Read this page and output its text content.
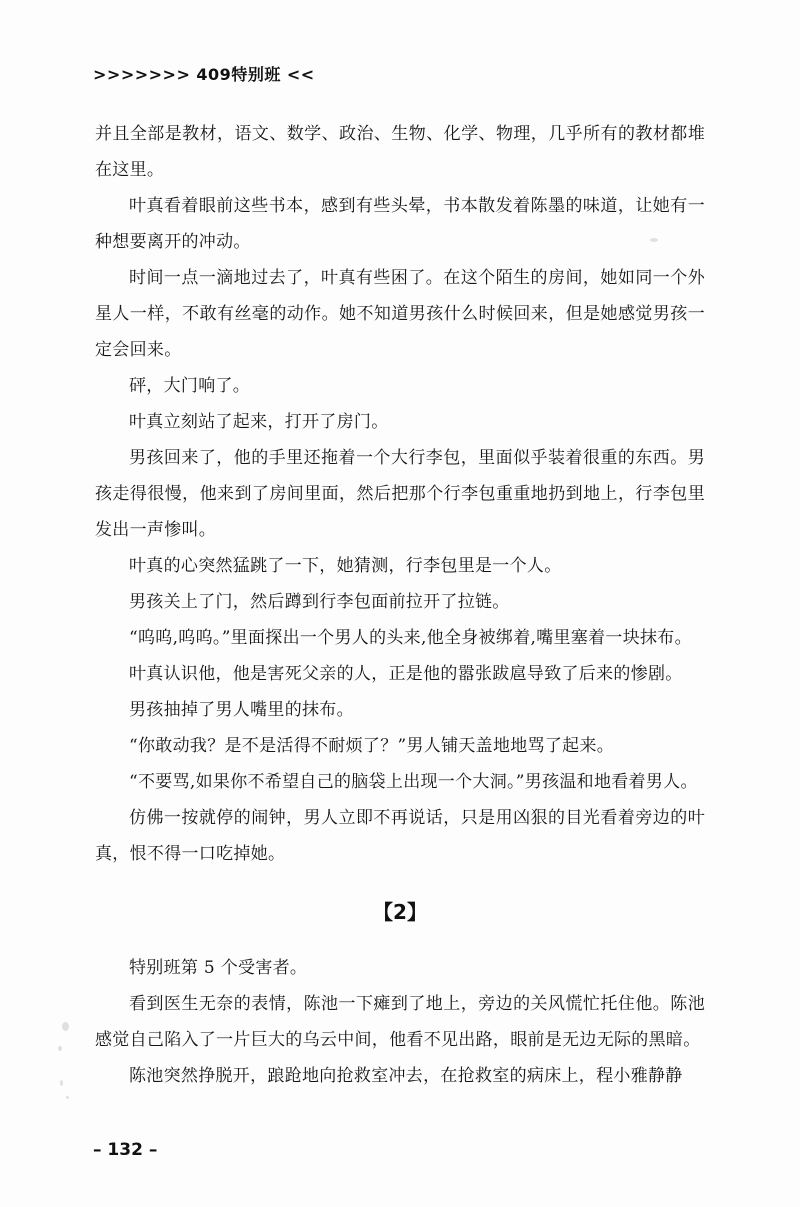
>>>>>>> 409特别班 <<

并且全部是教材，语文、数学、政治、生物、化学、物理，几乎所有的教材都堆在这里。

叶真看着眼前这些书本，感到有些头晕，书本散发着陈墨的味道，让她有一种想要离开的冲动。

时间一点一滴地过去了，叶真有些困了。在这个陌生的房间，她如同一个外星人一样，不敢有丝毫的动作。她不知道男孩什么时候回来，但是她感觉男孩一定会回来。

砰，大门响了。

叶真立刻站了起来，打开了房门。

男孩回来了，他的手里还拖着一个大行李包，里面似乎装着很重的东西。男孩走得很慢，他来到了房间里面，然后把那个行李包重重地扔到地上，行李包里发出一声惨叫。

叶真的心突然猛跳了一下，她猜测，行李包里是一个人。

男孩关上了门，然后蹲到行李包面前拉开了拉链。

“呜呜,呜呜。”里面探出一个男人的头来,他全身被绑着,嘴里塞着一块抹布。

叶真认识他，他是害死父亲的人，正是他的嚣张跋扈导致了后来的惨剧。

男孩抽掉了男人嘴里的抹布。

“你敢动我？是不是活得不耐烦了？”男人铺天盖地地骂了起来。

“不要骂,如果你不希望自己的脑袋上出现一个大洞。”男孩温和地看着男人。

仿佛一按就停的闹钟，男人立即不再说话，只是用凶狠的目光看着旁边的叶真，恨不得一口吃掉她。

【2】

特别班第 5 个受害者。

看到医生无奈的表情，陈池一下瘫到了地上，旁边的关风慌忙托住他。陈池感觉自己陷入了一片巨大的乌云中间，他看不见出路，眼前是无边无际的黑暗。

陈池突然挣脱开，踉跄地向抢救室冲去，在抢救室的病床上，程小雅静静

– 132 –
